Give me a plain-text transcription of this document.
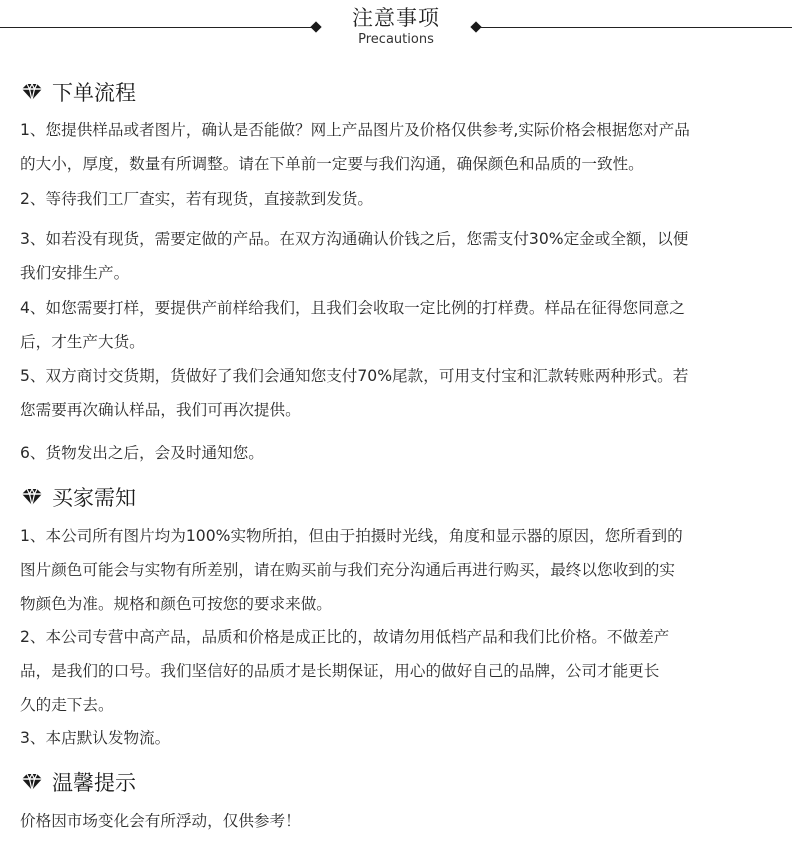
注意事项
Precautions
下单流程
1、您提供样品或者图片，确认是否能做？网上产品图片及价格仅供参考,实际价格会根据您对产品
的大小，厚度，数量有所调整。请在下单前一定要与我们沟通，确保颜色和品质的一致性。
2、等待我们工厂查实，若有现货，直接款到发货。
3、如若没有现货，需要定做的产品。在双方沟通确认价钱之后，您需支付30%定金或全额，以便
我们安排生产。
4、如您需要打样，要提供产前样给我们，且我们会收取一定比例的打样费。样品在征得您同意之
后，才生产大货。
5、双方商讨交货期，货做好了我们会通知您支付70%尾款，可用支付宝和汇款转账两种形式。若
您需要再次确认样品，我们可再次提供。
6、货物发出之后，会及时通知您。
买家需知
1、本公司所有图片均为100%实物所拍，但由于拍摄时光线，角度和显示器的原因，您所看到的
图片颜色可能会与实物有所差别，请在购买前与我们充分沟通后再进行购买，最终以您收到的实
物颜色为准。规格和颜色可按您的要求来做。
2、本公司专营中高产品，品质和价格是成正比的，故请勿用低档产品和我们比价格。不做差产
品，是我们的口号。我们坚信好的品质才是长期保证，用心的做好自己的品牌，公司才能更长
久的走下去。
3、本店默认发物流。
温馨提示
价格因市场变化会有所浮动，仅供参考！
